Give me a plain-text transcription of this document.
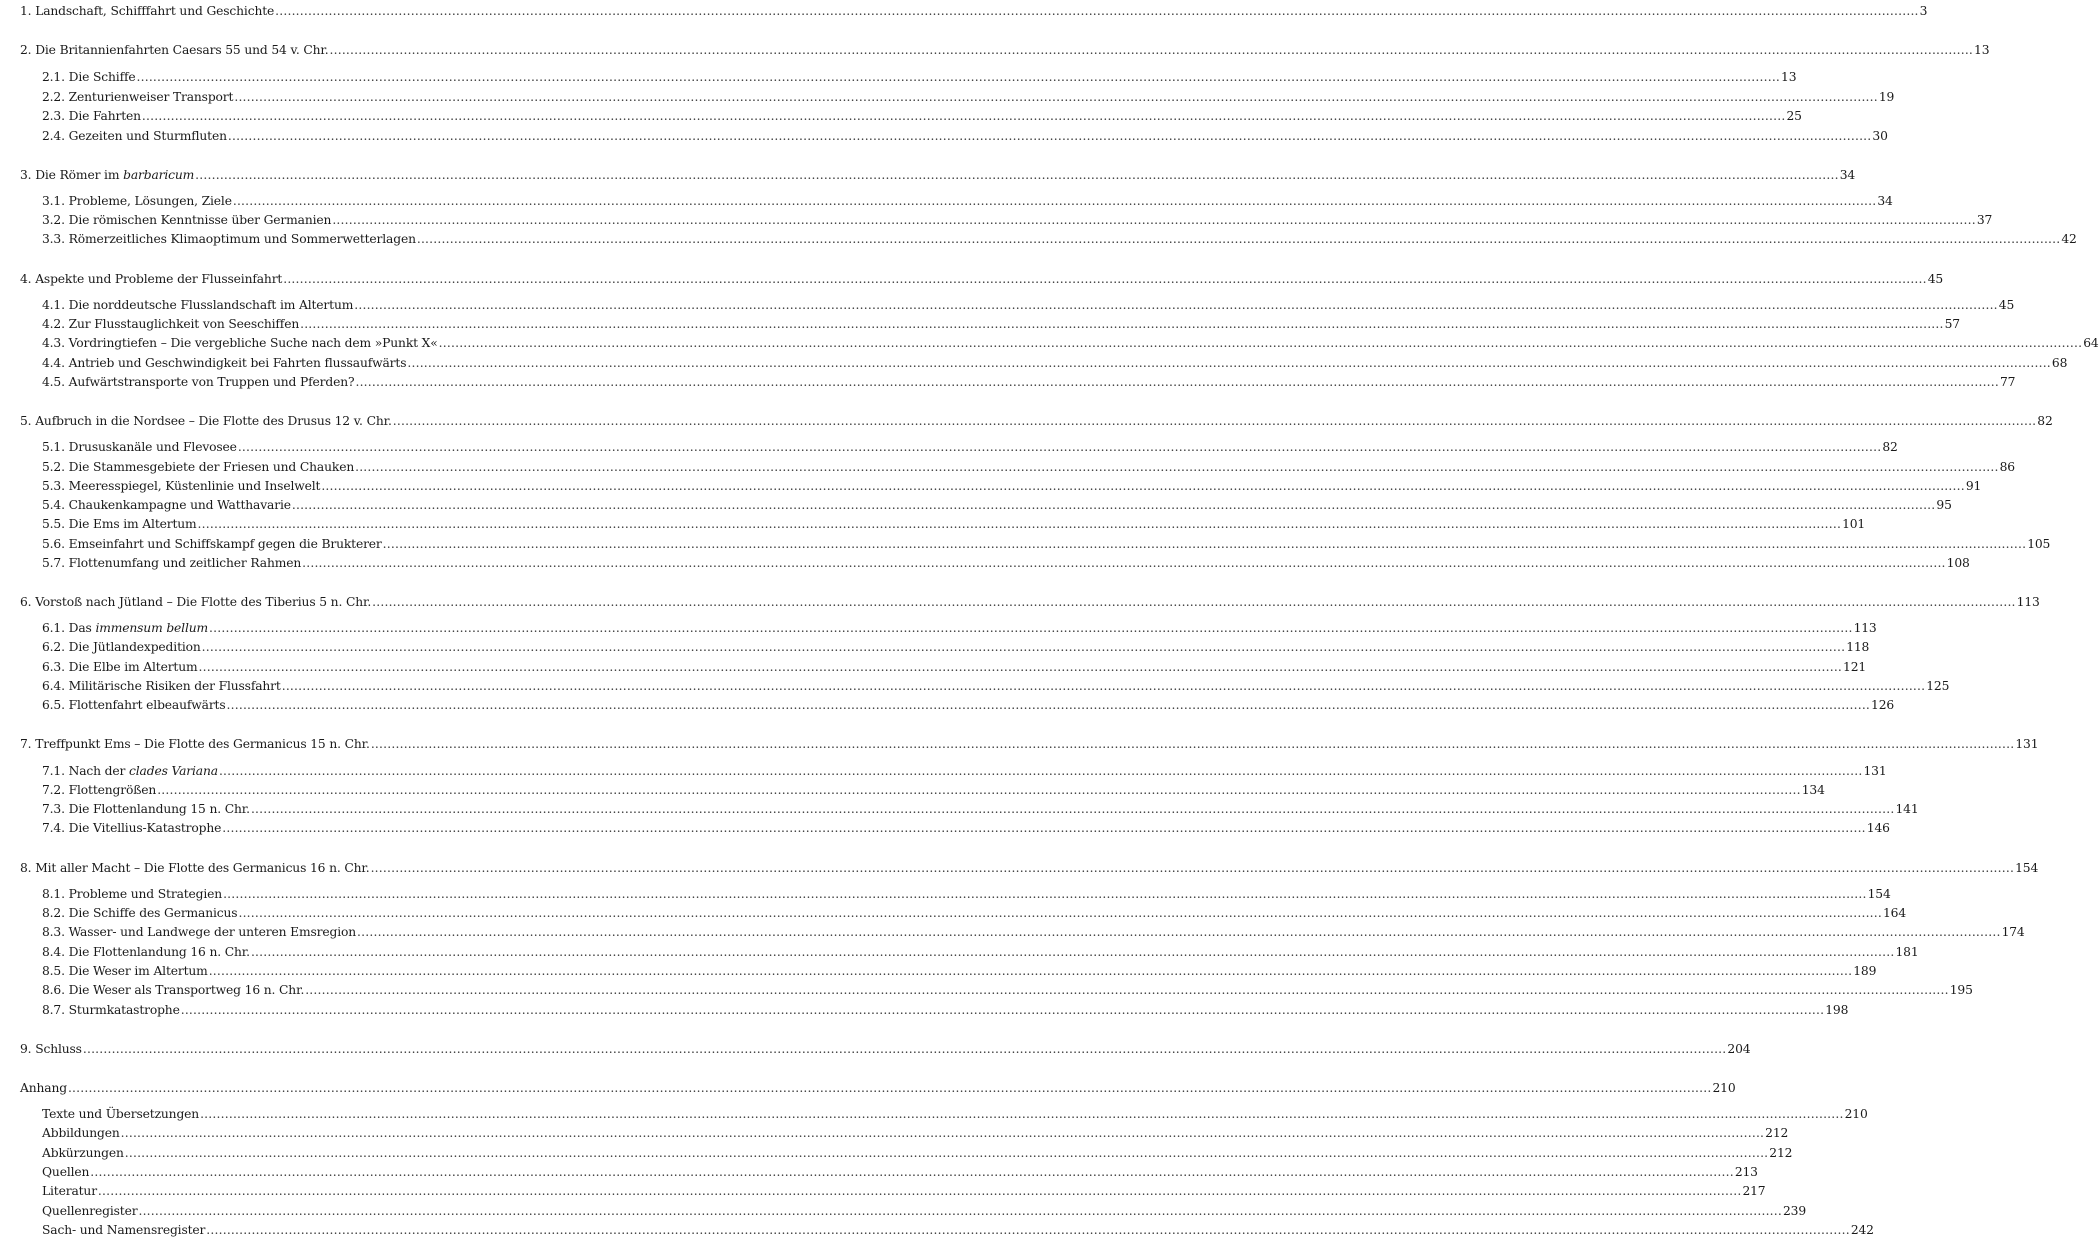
1. Landschaft, Schifffahrt und Geschichte ................................................................................................................................................................................................................................................................................................................................................................................................................ 3
2. Die Britannienfahrten Caesars 55 und 54 v. Chr. ................................................................................................................................................................................................................................................................................................................................................................................................................ 13
2.1. Die Schiffe ................................................................................................................................................................................................................................................................................................................................................................................................................ 13
2.2. Zenturienweiser Transport ................................................................................................................................................................................................................................................................................................................................................................................................................ 19
2.3. Die Fahrten ................................................................................................................................................................................................................................................................................................................................................................................................................ 25
2.4. Gezeiten und Sturmfluten ................................................................................................................................................................................................................................................................................................................................................................................................................ 30
3. Die Römer im barbaricum ................................................................................................................................................................................................................................................................................................................................................................................................................ 34
3.1. Probleme, Lösungen, Ziele ................................................................................................................................................................................................................................................................................................................................................................................................................ 34
3.2. Die römischen Kenntnisse über Germanien ................................................................................................................................................................................................................................................................................................................................................................................................................ 37
3.3. Römerzeitliches Klimaoptimum und Sommerwetterlagen ................................................................................................................................................................................................................................................................................................................................................................................................................ 42
4. Aspekte und Probleme der Flusseinfahrt ................................................................................................................................................................................................................................................................................................................................................................................................................ 45
4.1. Die norddeutsche Flusslandschaft im Altertum ................................................................................................................................................................................................................................................................................................................................................................................................................ 45
4.2. Zur Flusstauglichkeit von Seeschiffen ................................................................................................................................................................................................................................................................................................................................................................................................................ 57
4.3. Vordringtiefen – Die vergebliche Suche nach dem »Punkt X« ................................................................................................................................................................................................................................................................................................................................................................................................................ 64
4.4. Antrieb und Geschwindigkeit bei Fahrten flussaufwärts ................................................................................................................................................................................................................................................................................................................................................................................................................ 68
4.5. Aufwärtstransporte von Truppen und Pferden? ................................................................................................................................................................................................................................................................................................................................................................................................................ 77
5. Aufbruch in die Nordsee – Die Flotte des Drusus 12 v. Chr. ................................................................................................................................................................................................................................................................................................................................................................................................................ 82
5.1. Drususkanäle und Flevosee ................................................................................................................................................................................................................................................................................................................................................................................................................ 82
5.2. Die Stammesgebiete der Friesen und Chauken ................................................................................................................................................................................................................................................................................................................................................................................................................ 86
5.3. Meeresspiegel, Küstenlinie und Inselwelt ................................................................................................................................................................................................................................................................................................................................................................................................................ 91
5.4. Chaukenkampagne und Watthavarie ................................................................................................................................................................................................................................................................................................................................................................................................................ 95
5.5. Die Ems im Altertum ................................................................................................................................................................................................................................................................................................................................................................................................................ 101
5.6. Emseinfahrt und Schiffskampf gegen die Brukterer ................................................................................................................................................................................................................................................................................................................................................................................................................ 105
5.7. Flottenumfang und zeitlicher Rahmen ................................................................................................................................................................................................................................................................................................................................................................................................................ 108
6. Vorstoß nach Jütland – Die Flotte des Tiberius 5 n. Chr. ................................................................................................................................................................................................................................................................................................................................................................................................................ 113
6.1. Das immensum bellum ................................................................................................................................................................................................................................................................................................................................................................................................................ 113
6.2. Die Jütlandexpedition ................................................................................................................................................................................................................................................................................................................................................................................................................ 118
6.3. Die Elbe im Altertum ................................................................................................................................................................................................................................................................................................................................................................................................................ 121
6.4. Militärische Risiken der Flussfahrt ................................................................................................................................................................................................................................................................................................................................................................................................................ 125
6.5. Flottenfahrt elbeaufwärts ................................................................................................................................................................................................................................................................................................................................................................................................................ 126
7. Treffpunkt Ems – Die Flotte des Germanicus 15 n. Chr. ................................................................................................................................................................................................................................................................................................................................................................................................................ 131
7.1. Nach der clades Variana ................................................................................................................................................................................................................................................................................................................................................................................................................ 131
7.2. Flottengrößen ................................................................................................................................................................................................................................................................................................................................................................................................................ 134
7.3. Die Flottenlandung 15 n. Chr. ................................................................................................................................................................................................................................................................................................................................................................................................................ 141
7.4. Die Vitellius-Katastrophe ................................................................................................................................................................................................................................................................................................................................................................................................................ 146
8. Mit aller Macht – Die Flotte des Germanicus 16 n. Chr. ................................................................................................................................................................................................................................................................................................................................................................................................................ 154
8.1. Probleme und Strategien ................................................................................................................................................................................................................................................................................................................................................................................................................ 154
8.2. Die Schiffe des Germanicus ................................................................................................................................................................................................................................................................................................................................................................................................................ 164
8.3. Wasser- und Landwege der unteren Emsregion ................................................................................................................................................................................................................................................................................................................................................................................................................ 174
8.4. Die Flottenlandung 16 n. Chr. ................................................................................................................................................................................................................................................................................................................................................................................................................ 181
8.5. Die Weser im Altertum ................................................................................................................................................................................................................................................................................................................................................................................................................ 189
8.6. Die Weser als Transportweg 16 n. Chr. ................................................................................................................................................................................................................................................................................................................................................................................................................ 195
8.7. Sturmkatastrophe ................................................................................................................................................................................................................................................................................................................................................................................................................ 198
9. Schluss ................................................................................................................................................................................................................................................................................................................................................................................................................ 204
Anhang ................................................................................................................................................................................................................................................................................................................................................................................................................ 210
Texte und Übersetzungen ................................................................................................................................................................................................................................................................................................................................................................................................................ 210
Abbildungen ................................................................................................................................................................................................................................................................................................................................................................................................................ 212
Abkürzungen ................................................................................................................................................................................................................................................................................................................................................................................................................ 212
Quellen ................................................................................................................................................................................................................................................................................................................................................................................................................ 213
Literatur ................................................................................................................................................................................................................................................................................................................................................................................................................ 217
Quellenregister ................................................................................................................................................................................................................................................................................................................................................................................................................ 239
Sach- und Namensregister ................................................................................................................................................................................................................................................................................................................................................................................................................ 242
